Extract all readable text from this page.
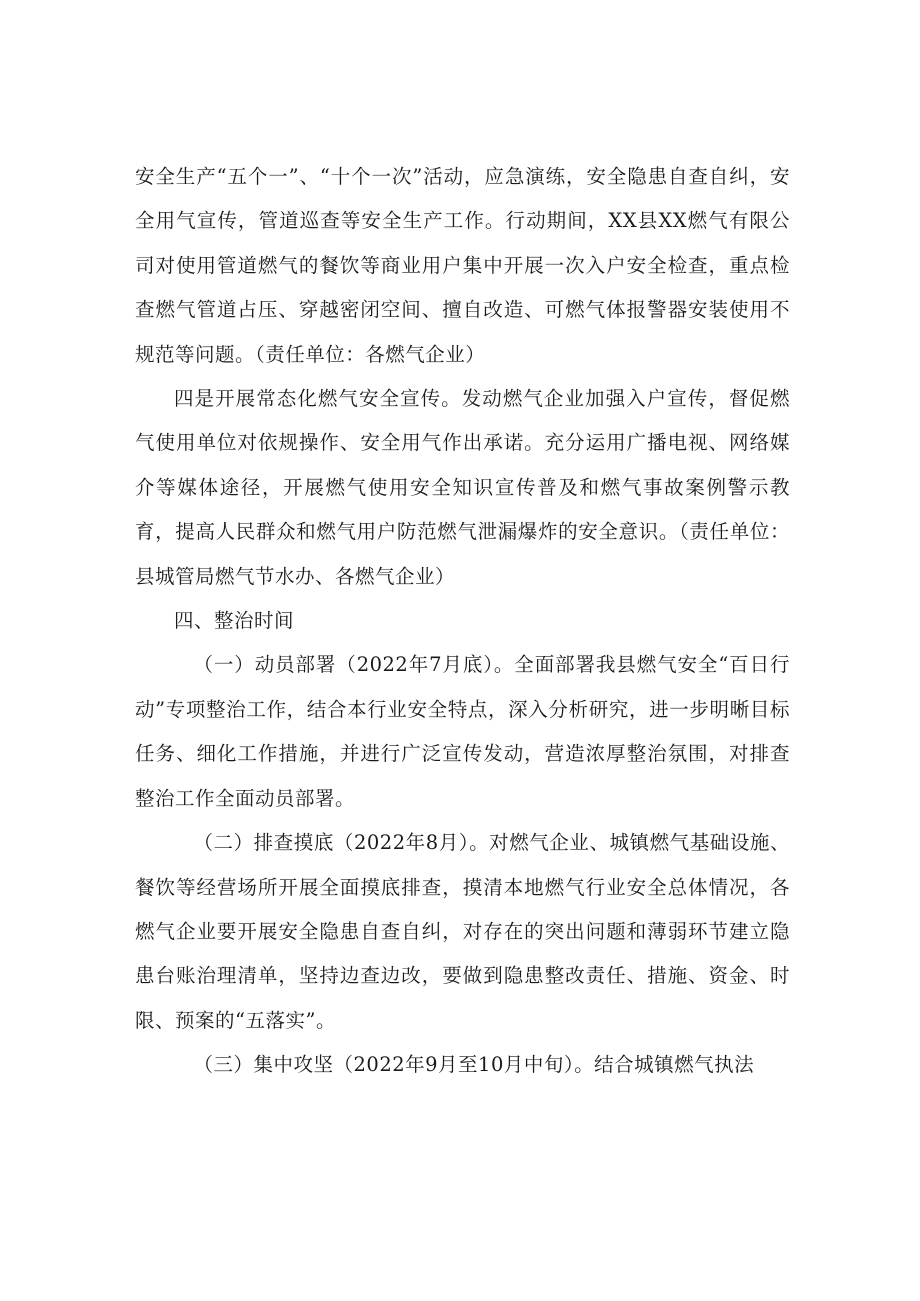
安全生产“五个一”、“十个一次”活动，应急演练，安全隐患自查自纠，安全用气宣传，管道巡查等安全生产工作。行动期间，XX县XX燃气有限公司对使用管道燃气的餐饮等商业用户集中开展一次入户安全检查，重点检查燃气管道占压、穿越密闭空间、擅自改造、可燃气体报警器安装使用不规范等问题。（责任单位：各燃气企业）

四是开展常态化燃气安全宣传。发动燃气企业加强入户宣传，督促燃气使用单位对依规操作、安全用气作出承诺。充分运用广播电视、网络媒介等媒体途径，开展燃气使用安全知识宣传普及和燃气事故案例警示教育，提高人民群众和燃气用户防范燃气泄漏爆炸的安全意识。（责任单位：县城管局燃气节水办、各燃气企业）

四、整治时间

（一）动员部署（2022年7月底）。全面部署我县燃气安全“百日行动”专项整治工作，结合本行业安全特点，深入分析研究，进一步明晰目标任务、细化工作措施，并进行广泛宣传发动，营造浓厚整治氛围，对排查整治工作全面动员部署。

（二）排查摸底（2022年8月）。对燃气企业、城镇燃气基础设施、餐饮等经营场所开展全面摸底排查，摸清本地燃气行业安全总体情况，各燃气企业要开展安全隐患自查自纠，对存在的突出问题和薄弱环节建立隐患台账治理清单，坚持边查边改，要做到隐患整改责任、措施、资金、时限、预案的“五落实”。

（三）集中攻坚（2022年9月至10月中旬）。结合城镇燃气执法
